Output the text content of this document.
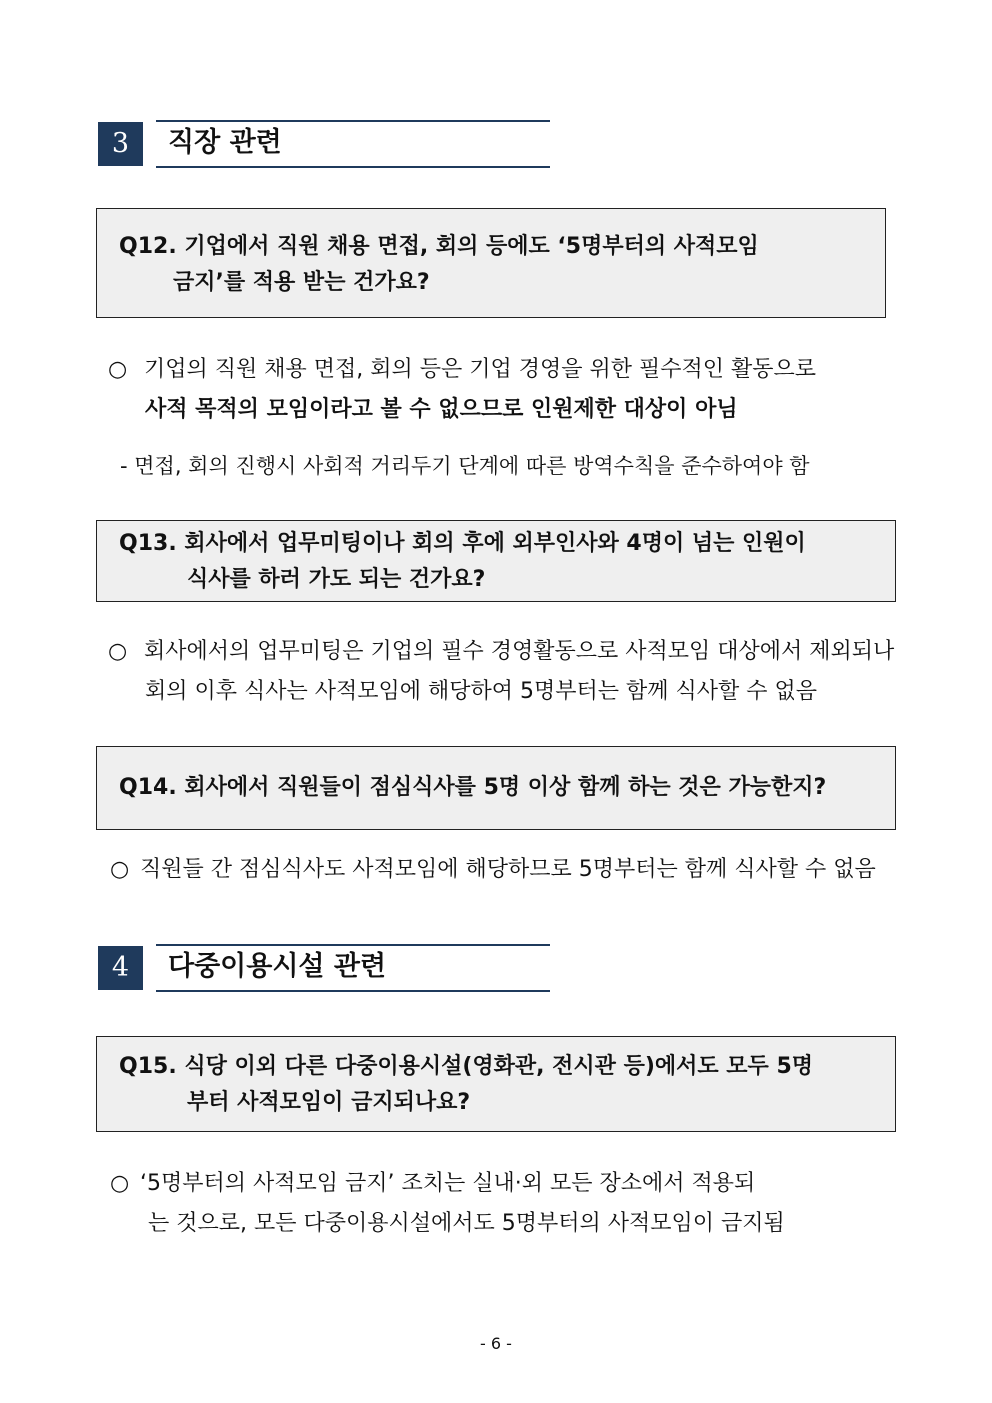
3	직장 관련
Q12. 기업에서 직원 채용 면접, 회의 등에도 ‘5명부터의 사적모임
금지’를 적용 받는 건가요?
○ 기업의 직원 채용 면접, 회의 등은 기업 경영을 위한 필수적인 활동으로
사적 목적의 모임이라고 볼 수 없으므로 인원제한 대상이 아님
- 면접, 회의 진행시 사회적 거리두기 단계에 따른 방역수칙을 준수하여야 함
Q13. 회사에서 업무미팅이나 회의 후에 외부인사와 4명이 넘는 인원이
식사를 하러 가도 되는 건가요?
○ 회사에서의 업무미팅은 기업의 필수 경영활동으로 사적모임 대상에서 제외되나
회의 이후 식사는 사적모임에 해당하여 5명부터는 함께 식사할 수 없음
Q14. 회사에서 직원들이 점심식사를 5명 이상 함께 하는 것은 가능한지?
○ 직원들 간 점심식사도 사적모임에 해당하므로 5명부터는 함께 식사할 수 없음
4	다중이용시설 관련
Q15. 식당 이외 다른 다중이용시설(영화관, 전시관 등)에서도 모두 5명
부터 사적모임이 금지되나요?
○ ‘5명부터의 사적모임 금지’ 조치는 실내·외 모든 장소에서 적용되
는 것으로, 모든 다중이용시설에서도 5명부터의 사적모임이 금지됨
- 6 -
